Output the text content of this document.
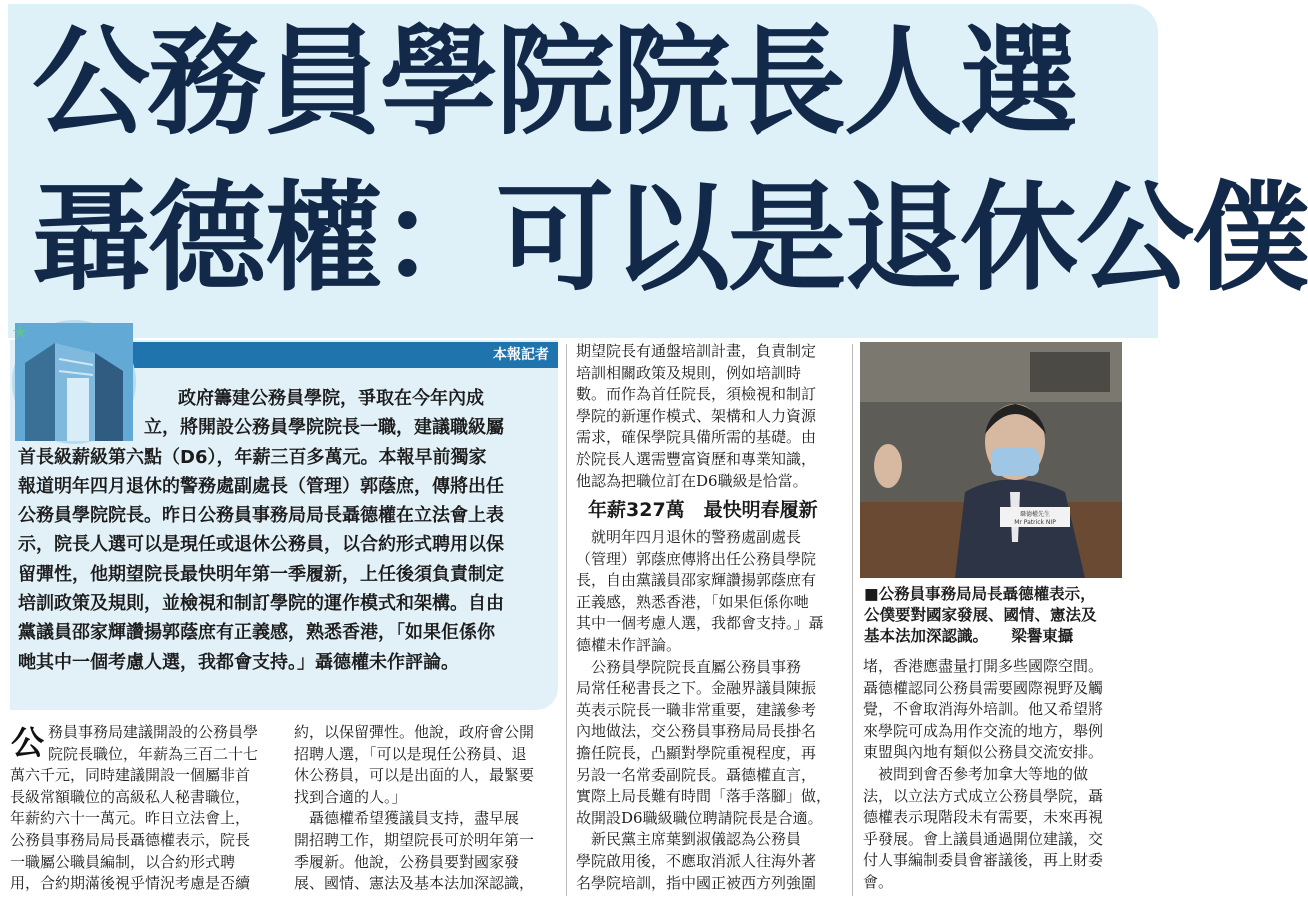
公務員學院院長人選
聶德權：可以是退休公僕
本報記者
★
政府籌建公務員學院，爭取在今年內成
立，將開設公務員學院院長一職，建議職級屬
首長級薪級第六點（D6），年薪三百多萬元。本報早前獨家
報道明年四月退休的警務處副處長（管理）郭蔭庶，傳將出任
公務員學院院長。昨日公務員事務局局長聶德權在立法會上表
示，院長人選可以是現任或退休公務員，以合約形式聘用以保
留彈性，他期望院長最快明年第一季履新，上任後須負責制定
培訓政策及規則，並檢視和制訂學院的運作模式和架構。自由
黨議員邵家輝讚揚郭蔭庶有正義感，熟悉香港，「如果佢係你
哋其中一個考慮人選，我都會支持。」聶德權未作評論。
公 務員事務局建議開設的公務員學
院院長職位，年薪為三百二十七
萬六千元，同時建議開設一個屬非首
長級常額職位的高級私人秘書職位，
年薪約六十一萬元。昨日立法會上，
公務員事務局局長聶德權表示，院長
一職屬公職員編制，以合約形式聘
用，合約期滿後視乎情況考慮是否續
約，以保留彈性。他說，政府會公開
招聘人選，「可以是現任公務員、退
休公務員，可以是出面的人，最緊要
找到合適的人。」
　聶德權希望獲議員支持，盡早展
開招聘工作，期望院長可於明年第一
季履新。他說，公務員要對國家發
展、國情、憲法及基本法加深認識，
期望院長有通盤培訓計畫，負責制定
培訓相關政策及規則，例如培訓時
數。而作為首任院長，須檢視和制訂
學院的新運作模式、架構和人力資源
需求，確保學院具備所需的基礎。由
於院長人選需豐富資歷和專業知識，
他認為把職位訂在D6職級是恰當。
年薪327萬　最快明春履新
　就明年四月退休的警務處副處長
（管理）郭蔭庶傳將出任公務員學院
長，自由黨議員邵家輝讚揚郭蔭庶有
正義感，熟悉香港，「如果佢係你哋
其中一個考慮人選，我都會支持。」聶
德權未作評論。
　公務員學院院長直屬公務員事務
局常任秘書長之下。金融界議員陳振
英表示院長一職非常重要，建議參考
內地做法，交公務員事務局局長掛名
擔任院長，凸顯對學院重視程度，再
另設一名常委副院長。聶德權直言，
實際上局長難有時間「落手落腳」做，
故開設D6職級職位聘請院長是合適。
　新民黨主席葉劉淑儀認為公務員
學院啟用後，不應取消派人往海外著
名學院培訓，指中國正被西方列強圍
聶德權先生
Mr Patrick NIP
■公務員事務局局長聶德權表示，
公僕要對國家發展、國情、憲法及
基本法加深認識。　　梁譽東攝
堵，香港應盡量打開多些國際空間。
聶德權認同公務員需要國際視野及觸
覺，不會取消海外培訓。他又希望將
來學院可成為用作交流的地方，舉例
東盟與內地有類似公務員交流安排。
　被問到會否參考加拿大等地的做
法，以立法方式成立公務員學院，聶
德權表示現階段未有需要，未來再視
乎發展。會上議員通過開位建議，交
付人事編制委員會審議後，再上財委
會。
